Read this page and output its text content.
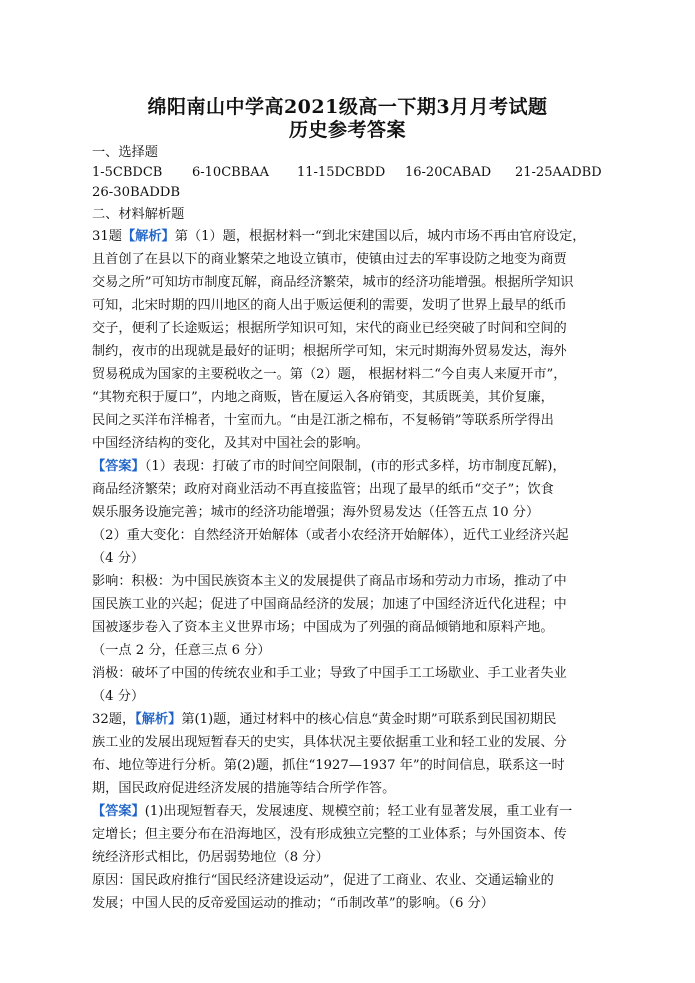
绵阳南山中学高2021级高一下期3月月考试题
历史参考答案
一、选择题
1-5CBDCB 6-10CBBAA 11-15DCBDD 16-20CABAD 21-25AADBD
26-30BADDB
二、材料解析题
31题【解析】第（1）题，根据材料一“到北宋建国以后，城内市场不再由官府设定，
且首创了在县以下的商业繁荣之地设立镇市，使镇由过去的军事设防之地变为商贾
交易之所”可知坊市制度瓦解，商品经济繁荣，城市的经济功能增强。根据所学知识
可知，北宋时期的四川地区的商人出于贩运便利的需要，发明了世界上最早的纸币
交子，便利了长途贩运；根据所学知识可知，宋代的商业已经突破了时间和空间的
制约，夜市的出现就是最好的证明；根据所学可知，宋元时期海外贸易发达，海外
贸易税成为国家的主要税收之一。第（2）题， 根据材料二“今自夷人来厦开市”，
“其物充积于厦口”，内地之商贩，皆在厦运入各府销变，其质既美，其价复廉，
民间之买洋布洋棉者，十室而九。“由是江浙之棉布，不复畅销”等联系所学得出
中国经济结构的变化，及其对中国社会的影响。
【答案】（1）表现：打破了市的时间空间限制，(市的形式多样，坊市制度瓦解)，
商品经济繁荣；政府对商业活动不再直接监管；出现了最早的纸币“交子”；饮食
娱乐服务设施完善；城市的经济功能增强；海外贸易发达（任答五点 10 分）
（2）重大变化：自然经济开始解体（或者小农经济开始解体），近代工业经济兴起
（4 分）
影响：积极：为中国民族资本主义的发展提供了商品市场和劳动力市场，推动了中
国民族工业的兴起；促进了中国商品经济的发展；加速了中国经济近代化进程；中
国被逐步卷入了资本主义世界市场；中国成为了列强的商品倾销地和原料产地。
（一点 2 分，任意三点 6 分）
消极：破坏了中国的传统农业和手工业；导致了中国手工工场歇业、手工业者失业
（4 分）
32题，【解析】第(1)题，通过材料中的核心信息“黄金时期”可联系到民国初期民
族工业的发展出现短暂春天的史实，具体状况主要依据重工业和轻工业的发展、分
布、地位等进行分析。第(2)题，抓住“1927—1937 年”的时间信息，联系这一时
期，国民政府促进经济发展的措施等结合所学作答。
【答案】(1)出现短暂春天，发展速度、规模空前；轻工业有显著发展，重工业有一
定增长；但主要分布在沿海地区，没有形成独立完整的工业体系；与外国资本、传
统经济形式相比，仍居弱势地位（8 分）
原因：国民政府推行“国民经济建设运动”，促进了工商业、农业、交通运输业的
发展；中国人民的反帝爱国运动的推动；“币制改革”的影响。（6 分）
